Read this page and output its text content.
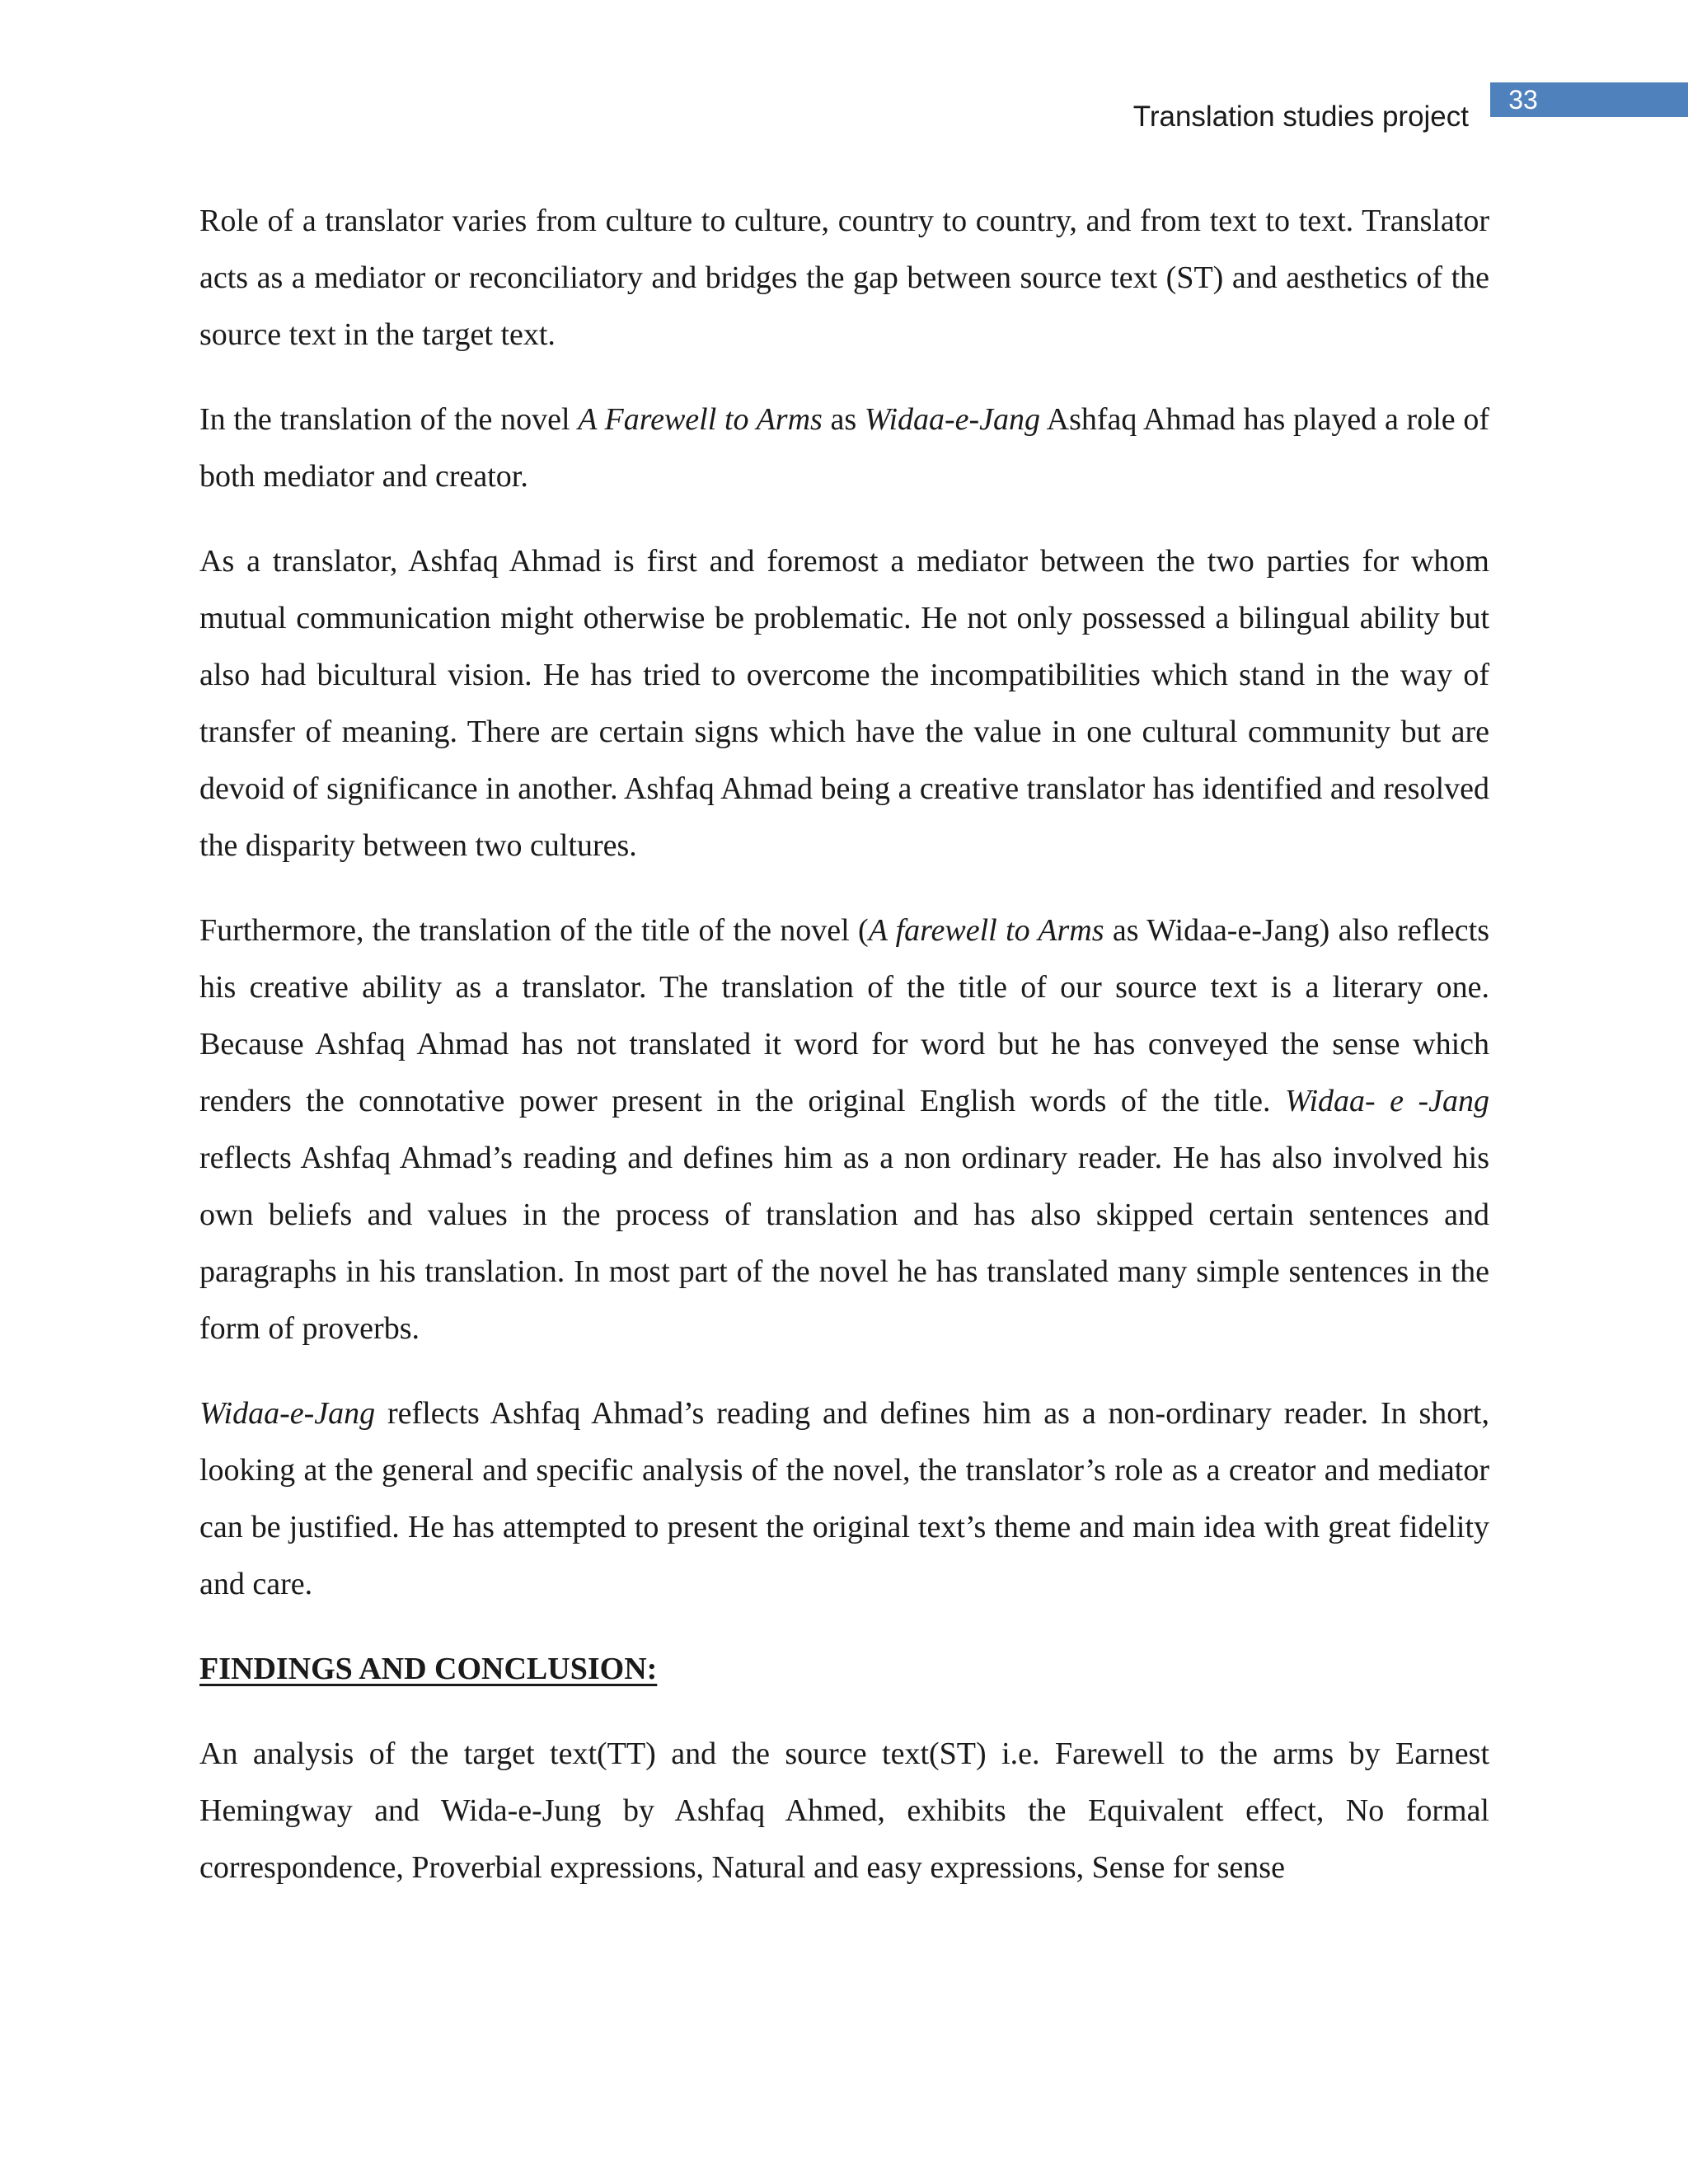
33
Translation studies project

Role of a translator varies from culture to culture, country to country, and from text to text. Translator acts as a mediator or reconciliatory and bridges the gap between source text (ST) and aesthetics of the source text in the target text.

In the translation of the novel A Farewell to Arms as Widaa-e-Jang Ashfaq Ahmad has played a role of both mediator and creator.

As a translator, Ashfaq Ahmad is first and foremost a mediator between the two parties for whom mutual communication might otherwise be problematic. He not only possessed a bilingual ability but also had bicultural vision. He has tried to overcome the incompatibilities which stand in the way of transfer of meaning. There are certain signs which have the value in one cultural community but are devoid of significance in another. Ashfaq Ahmad being a creative translator has identified and resolved the disparity between two cultures.

Furthermore, the translation of the title of the novel (A farewell to Arms as Widaa-e-Jang) also reflects his creative ability as a translator. The translation of the title of our source text is a literary one. Because Ashfaq Ahmad has not translated it word for word but he has conveyed the sense which renders the connotative power present in the original English words of the title. Widaa- e -Jang reflects Ashfaq Ahmad’s reading and defines him as a non ordinary reader. He has also involved his own beliefs and values in the process of translation and has also skipped certain sentences and paragraphs in his translation. In most part of the novel he has translated many simple sentences in the form of proverbs.

Widaa-e-Jang reflects Ashfaq Ahmad’s reading and defines him as a non-ordinary reader. In short, looking at the general and specific analysis of the novel, the translator’s role as a creator and mediator can be justified. He has attempted to present the original text’s theme and main idea with great fidelity and care.

FINDINGS AND CONCLUSION:

An analysis of the target text(TT) and the source text(ST) i.e. Farewell to the arms by Earnest Hemingway and Wida-e-Jung by Ashfaq Ahmed, exhibits the Equivalent effect, No formal correspondence, Proverbial expressions, Natural and easy expressions, Sense for sense
